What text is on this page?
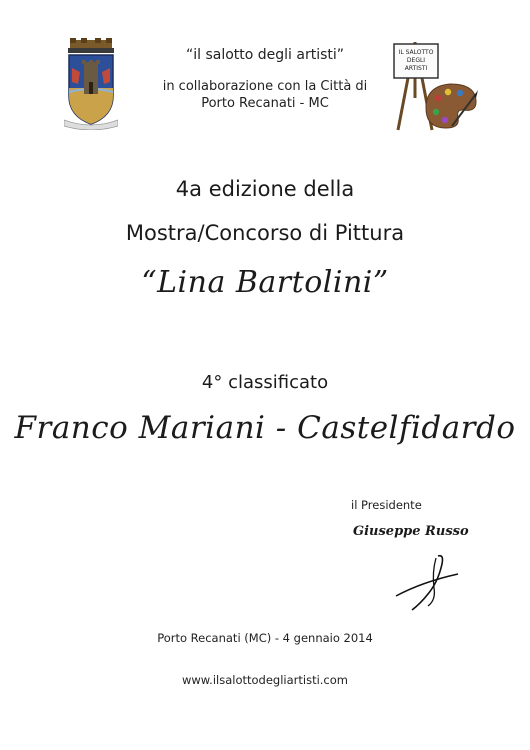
“il salotto degli artisti”
in collaborazione con la Città di
Porto Recanati - MC
IL SALOTTO
DEGLI
ARTISTI
4a edizione della
Mostra/Concorso di Pittura
“Lina Bartolini”
4° classificato
Franco Mariani - Castelfidardo
il Presidente
Giuseppe Russo
Porto Recanati (MC) - 4 gennaio 2014
www.ilsalottodegliartisti.com
